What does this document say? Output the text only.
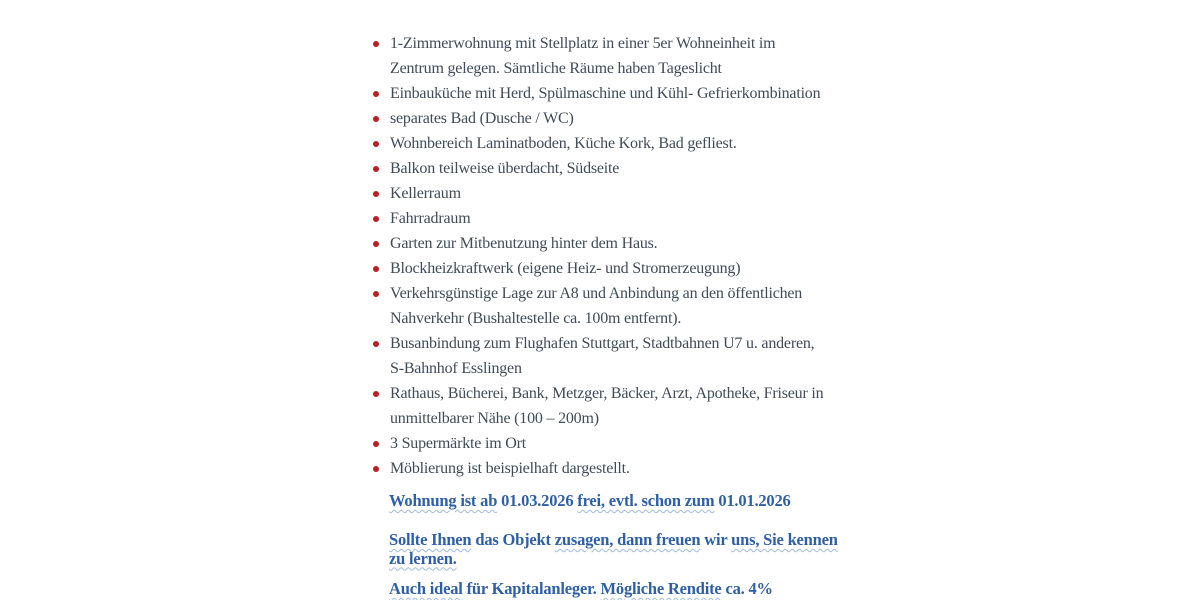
1-Zimmerwohnung mit Stellplatz in einer 5er Wohneinheit im
Zentrum gelegen. Sämtliche Räume haben Tageslicht
Einbauküche mit Herd, Spülmaschine und Kühl- Gefrierkombination
separates Bad (Dusche / WC)
Wohnbereich Laminatboden, Küche Kork, Bad gefliest.
Balkon teilweise überdacht, Südseite
Kellerraum
Fahrradraum
Garten zur Mitbenutzung hinter dem Haus.
Blockheizkraftwerk (eigene Heiz- und Stromerzeugung)
Verkehrsgünstige Lage zur A8 und Anbindung an den öffentlichen
Nahverkehr (Bushaltestelle ca. 100m entfernt).
Busanbindung zum Flughafen Stuttgart, Stadtbahnen U7 u. anderen,
S-Bahnhof Esslingen
Rathaus, Bücherei, Bank, Metzger, Bäcker, Arzt, Apotheke, Friseur in
unmittelbarer Nähe (100 – 200m)
3 Supermärkte im Ort
Möblierung ist beispielhaft dargestellt.

Wohnung ist ab 01.03.2026 frei, evtl. schon zum 01.01.2026

Sollte Ihnen das Objekt zusagen, dann freuen wir uns, Sie kennen
zu lernen.

Auch ideal für Kapitalanleger. Mögliche Rendite ca. 4%
